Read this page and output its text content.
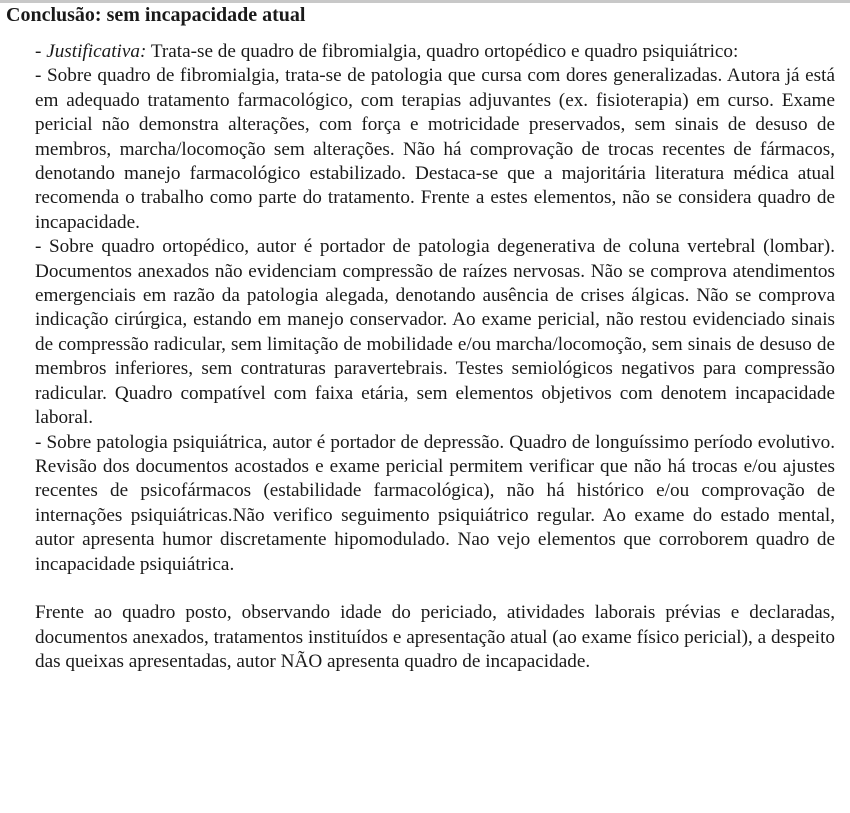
Conclusão: sem incapacidade atual

- Justificativa: Trata-se de quadro de fibromialgia, quadro ortopédico e quadro psiquiátrico:

- Sobre quadro de fibromialgia, trata-se de patologia que cursa com dores generalizadas. Autora já está em adequado tratamento farmacológico, com terapias adjuvantes (ex. fisioterapia) em curso. Exame pericial não demonstra alterações, com força e motricidade preservados, sem sinais de desuso de membros, marcha/locomoção sem alterações. Não há comprovação de trocas recentes de fármacos, denotando manejo farmacológico estabilizado. Destaca-se que a majoritária literatura médica atual recomenda o trabalho como parte do tratamento. Frente a estes elementos, não se considera quadro de incapacidade.

- Sobre quadro ortopédico, autor é portador de patologia degenerativa de coluna vertebral (lombar). Documentos anexados não evidenciam compressão de raízes nervosas. Não se comprova atendimentos emergenciais em razão da patologia alegada, denotando ausência de crises álgicas. Não se comprova indicação cirúrgica, estando em manejo conservador. Ao exame pericial, não restou evidenciado sinais de compressão radicular, sem limitação de mobilidade e/ou marcha/locomoção, sem sinais de desuso de membros inferiores, sem contraturas paravertebrais. Testes semiológicos negativos para compressão radicular. Quadro compatível com faixa etária, sem elementos objetivos com denotem incapacidade laboral.

- Sobre patologia psiquiátrica, autor é portador de depressão. Quadro de longuíssimo período evolutivo. Revisão dos documentos acostados e exame pericial permitem verificar que não há trocas e/ou ajustes recentes de psicofármacos (estabilidade farmacológica), não há histórico e/ou comprovação de internações psiquiátricas.Não verifico seguimento psiquiátrico regular. Ao exame do estado mental, autor apresenta humor discretamente hipomodulado. Nao vejo elementos que corroborem quadro de incapacidade psiquiátrica.

Frente ao quadro posto, observando idade do periciado, atividades laborais prévias e declaradas, documentos anexados, tratamentos instituídos e apresentação atual (ao exame físico pericial), a despeito das queixas apresentadas, autor NÃO apresenta quadro de incapacidade.
